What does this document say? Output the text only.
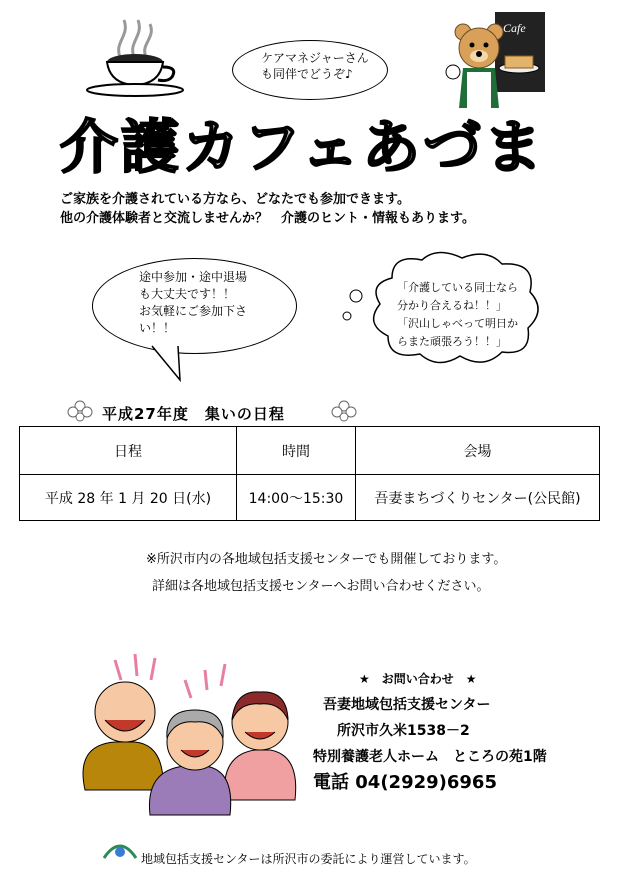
ケアマネジャーさん
も同伴でどうぞ♪
Cafe
介護カフェあづま
ご家族を介護されている方なら、どなたでも参加できます。
他の介護体験者と交流しませんか？　介護のヒント・情報もあります。
途中参加・途中退場
も大丈夫です！！
お気軽にご参加下さ
い！！
「介護している同士なら
分かり合えるね！！」
「沢山しゃべって明日か
らまた頑張ろう！！」
平成27年度　集いの日程
日程	時間	会場
平成 28 年 1 月 20 日(水)	14:00～15:30	吾妻まちづくりセンター(公民館)
※所沢市内の各地域包括支援センターでも開催しております。
詳細は各地域包括支援センターへお問い合わせください。
★　お問い合わせ　★
吾妻地域包括支援センター
所沢市久米1538－2
特別養護老人ホーム　ところの苑1階
電話 04(2929)6965
地域包括支援センターは所沢市の委託により運営しています。
